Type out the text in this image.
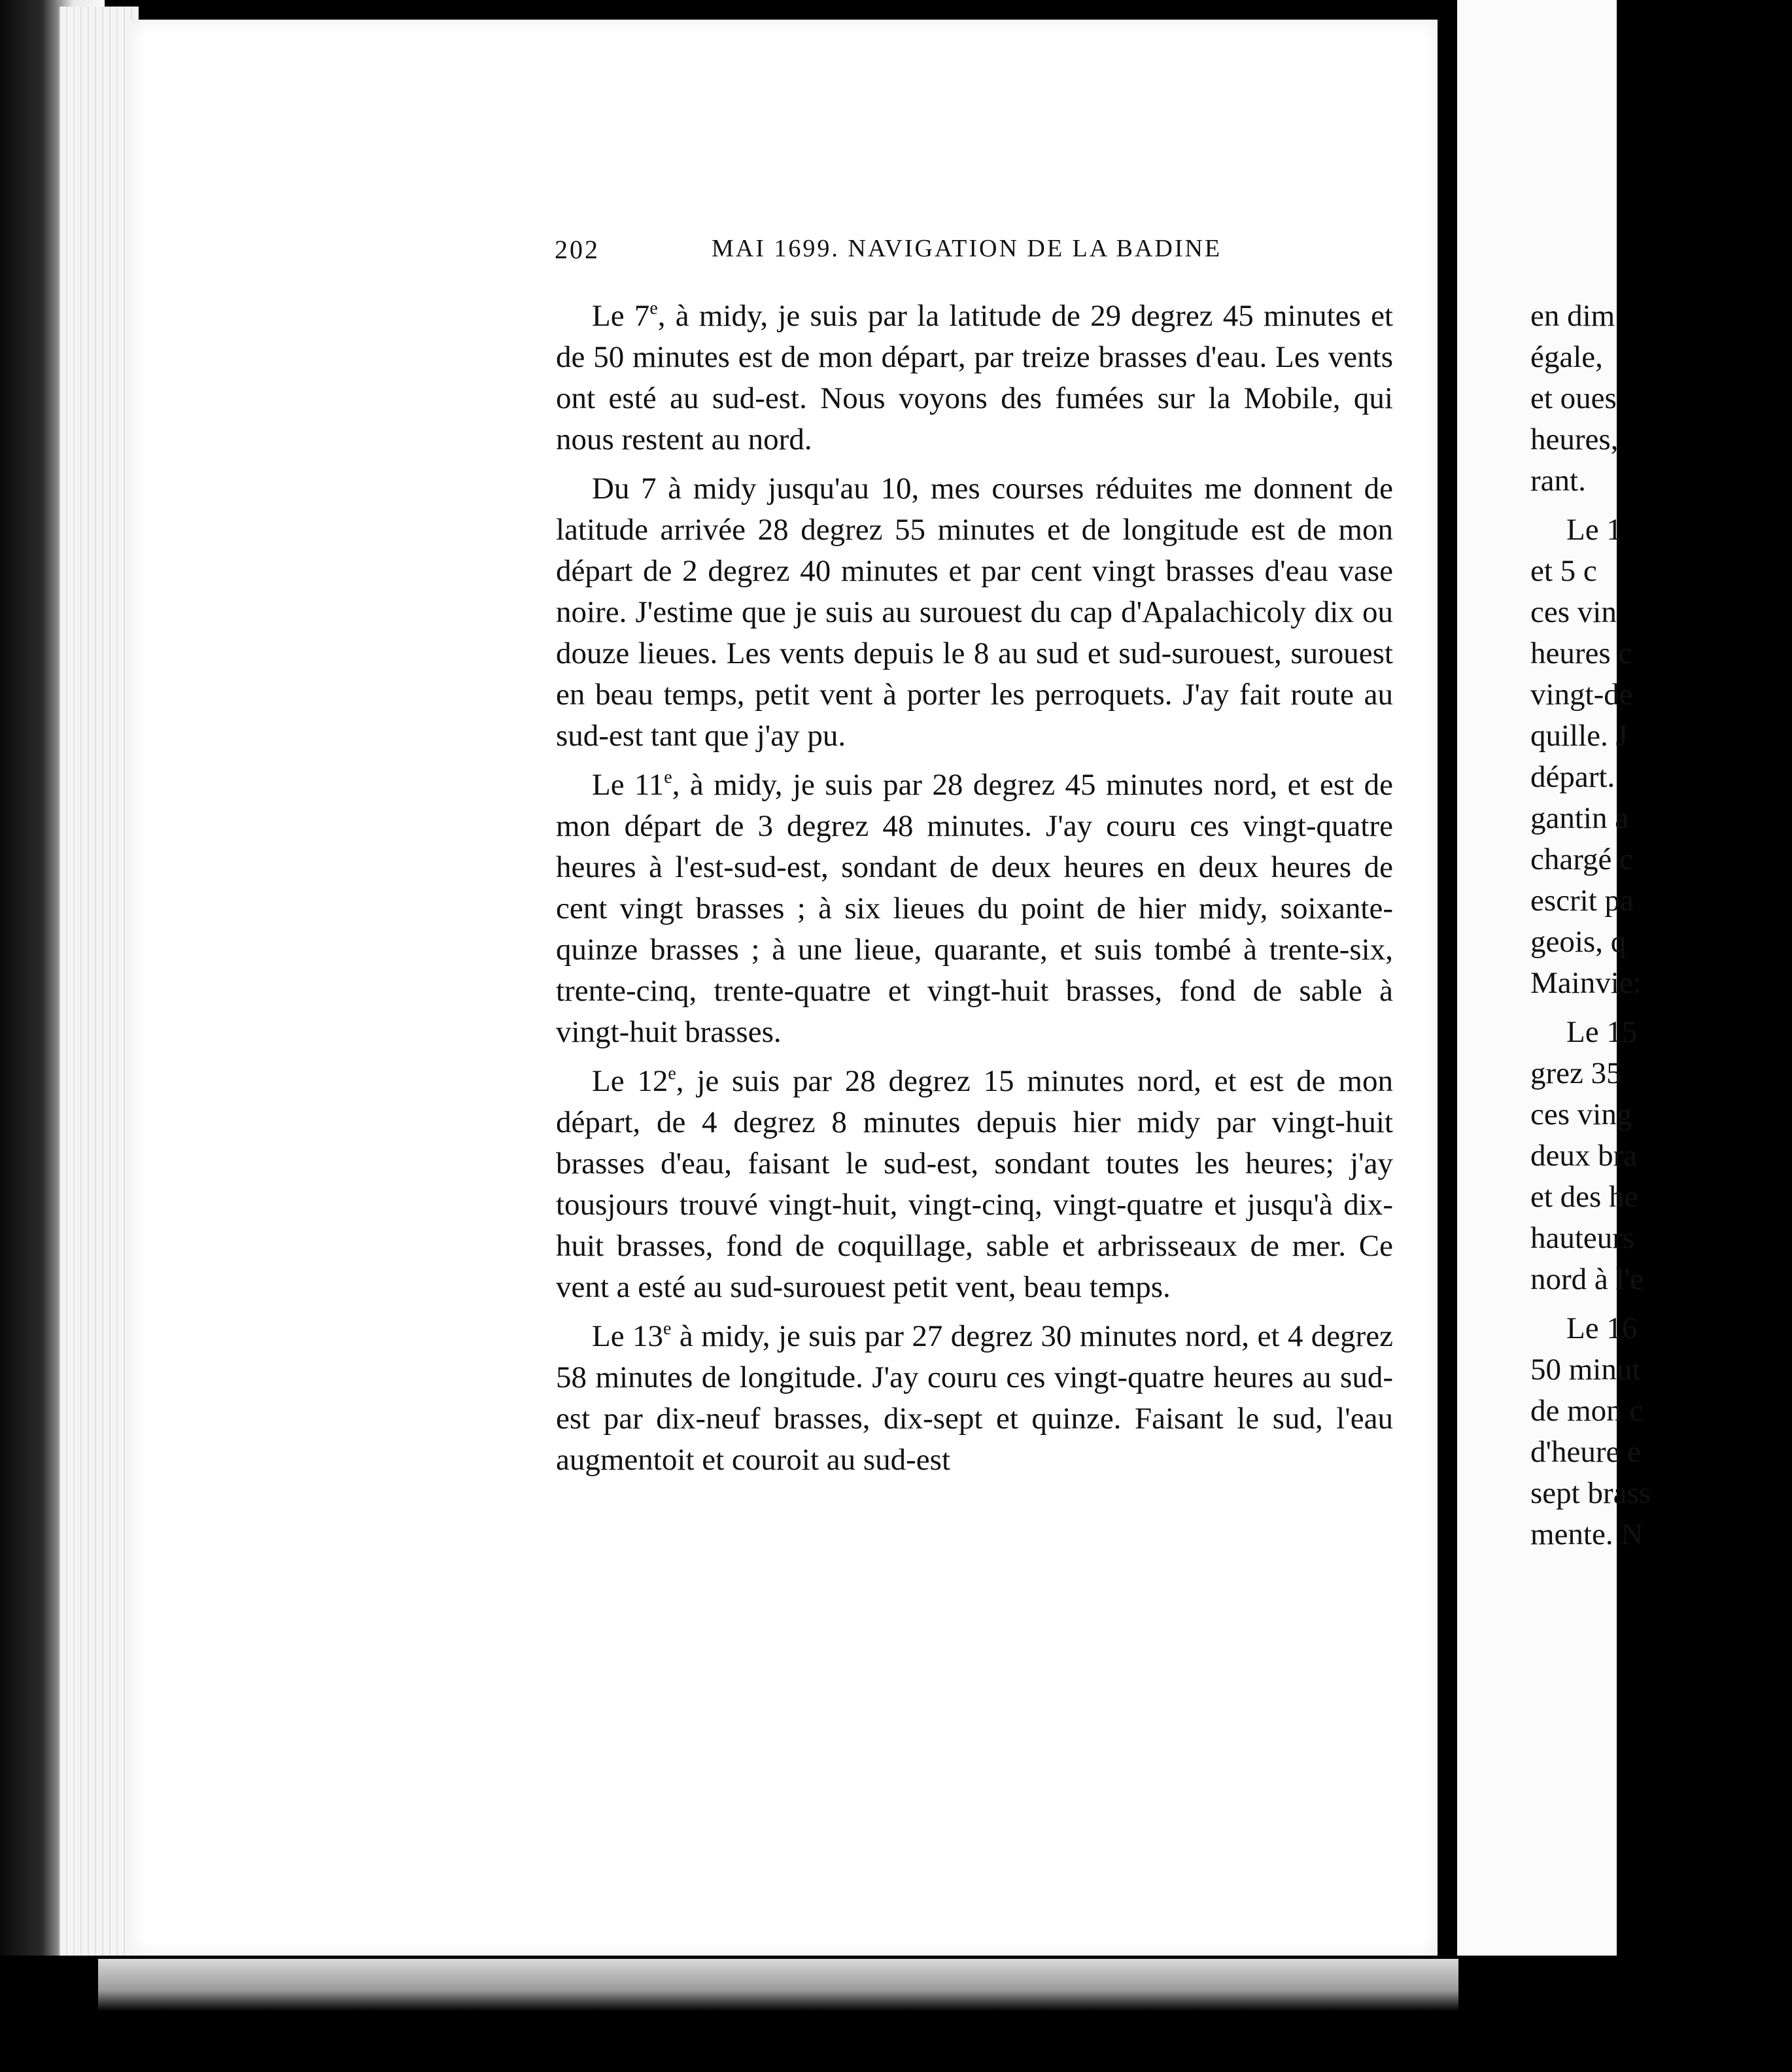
202	MAI 1699. NAVIGATION DE LA BADINE

Le 7e, à midy, je suis par la latitude de 29 degrez 45 minutes et de 50 minutes est de mon départ, par treize brasses d'eau. Les vents ont esté au sud-est. Nous voyons des fumées sur la Mobile, qui nous restent au nord.

Du 7 à midy jusqu'au 10, mes courses réduites me donnent de latitude arrivée 28 degrez 55 minutes et de longitude est de mon départ de 2 degrez 40 minutes et par cent vingt brasses d'eau vase noire. J'estime que je suis au surouest du cap d'Apalachicoly dix ou douze lieues. Les vents depuis le 8 au sud et sud-surouest, surouest en beau temps, petit vent à porter les perroquets. J'ay fait route au sud-est tant que j'ay pu.

Le 11e, à midy, je suis par 28 degrez 45 minutes nord, et est de mon départ de 3 degrez 48 minutes. J'ay couru ces vingt-quatre heures à l'est-sud-est, sondant de deux heures en deux heures de cent vingt brasses ; à six lieues du point de hier midy, soixante-quinze brasses ; à une lieue, quarante, et suis tombé à trente-six, trente-cinq, trente-quatre et vingt-huit brasses, fond de sable à vingt-huit brasses.

Le 12e, je suis par 28 degrez 15 minutes nord, et est de mon départ, de 4 degrez 8 minutes depuis hier midy par vingt-huit brasses d'eau, faisant le sud-est, sondant toutes les heures; j'ay tousjours trouvé vingt-huit, vingt-cinq, vingt-quatre et jusqu'à dix-huit brasses, fond de coquillage, sable et arbrisseaux de mer. Ce vent a esté au sud-surouest petit vent, beau temps.

Le 13e à midy, je suis par 27 degrez 30 minutes nord, et 4 degrez 58 minutes de longitude. J'ay couru ces vingt-quatre heures au sud-est par dix-neuf brasses, dix-sept et quinze. Faisant le sud, l'eau augmentoit et couroit au sud-est

en dim
égale,
et oues
heures,
rant.
Le 1
et 5 c
ces vin
heures c
vingt-de
quille. J
départ.
gantin a
chargé c
escrit pa
geois, q
Mainvie:
Le 15
grez 35
ces ving
deux bra
et des he
hauteurs
nord à l'e
Le 16
50 minut
de mon c
d'heure e
sept brass
mente. N
